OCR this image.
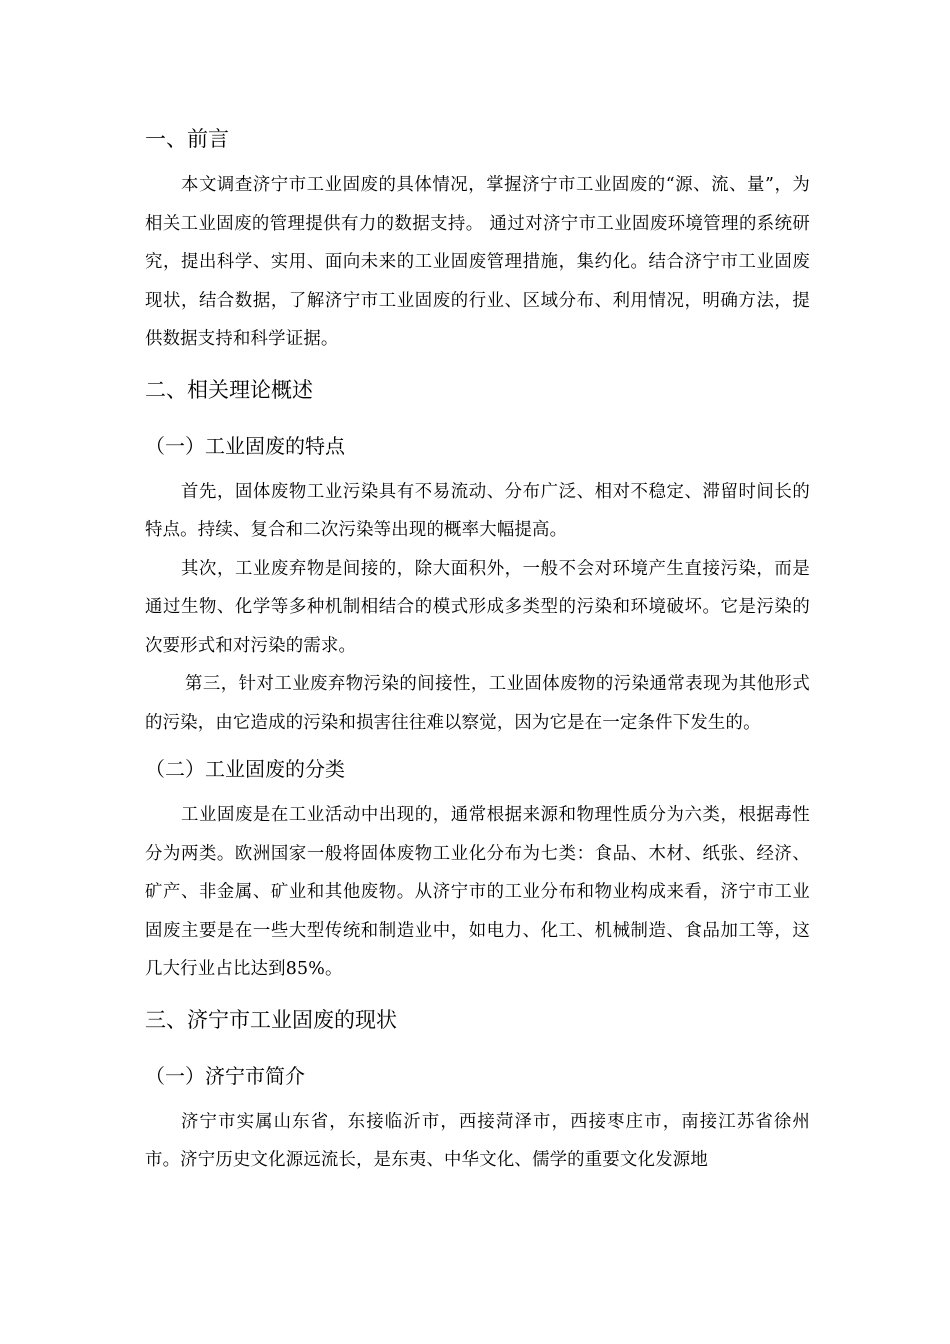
一、前言

本文调查济宁市工业固废的具体情况，掌握济宁市工业固废的“源、流、量”，为相关工业固废的管理提供有力的数据支持。 通过对济宁市工业固废环境管理的系统研究，提出科学、实用、面向未来的工业固废管理措施，集约化。结合济宁市工业固废现状，结合数据，了解济宁市工业固废的行业、区域分布、利用情况，明确方法，提供数据支持和科学证据。

二、相关理论概述
（一）工业固废的特点

首先，固体废物工业污染具有不易流动、分布广泛、相对不稳定、滞留时间长的特点。持续、复合和二次污染等出现的概率大幅提高。

其次，工业废弃物是间接的，除大面积外，一般不会对环境产生直接污染，而是通过生物、化学等多种机制相结合的模式形成多类型的污染和环境破坏。它是污染的次要形式和对污染的需求。

第三，针对工业废弃物污染的间接性，工业固体废物的污染通常表现为其他形式的污染，由它造成的污染和损害往往难以察觉，因为它是在一定条件下发生的。

（二）工业固废的分类

工业固废是在工业活动中出现的，通常根据来源和物理性质分为六类，根据毒性分为两类。欧洲国家一般将固体废物工业化分布为七类：食品、木材、纸张、经济、矿产、非金属、矿业和其他废物。从济宁市的工业分布和物业构成来看，济宁市工业固废主要是在一些大型传统和制造业中，如电力、化工、机械制造、食品加工等，这几大行业占比达到85%。

三、济宁市工业固废的现状
（一）济宁市简介

济宁市实属山东省，东接临沂市，西接菏泽市，西接枣庄市，南接江苏省徐州市。济宁历史文化源远流长，是东夷、中华文化、儒学的重要文化发源地
